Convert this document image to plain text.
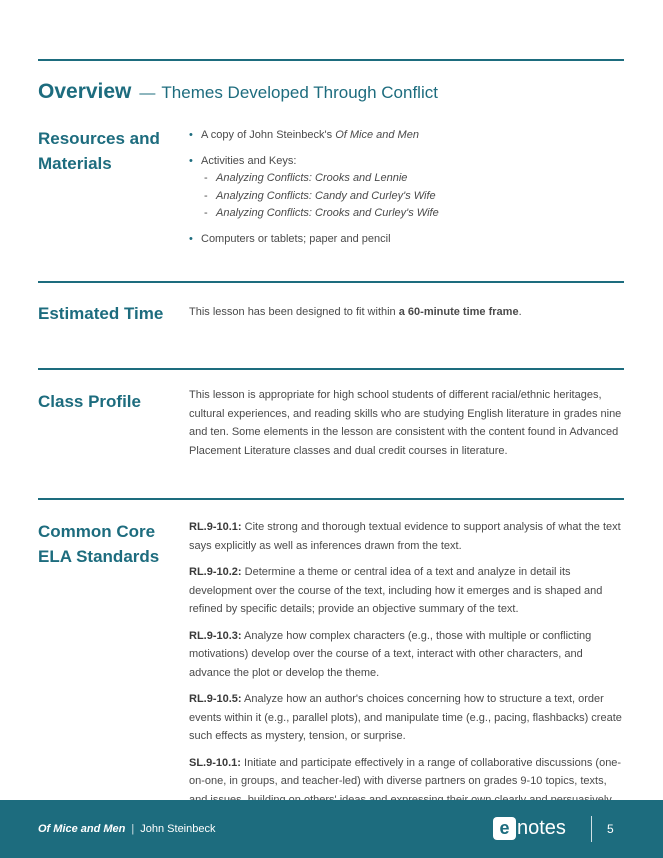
Overview — Themes Developed Through Conflict
Resources and Materials
• A copy of John Steinbeck's Of Mice and Men
• Activities and Keys:
- Analyzing Conflicts: Crooks and Lennie
- Analyzing Conflicts: Candy and Curley's Wife
- Analyzing Conflicts: Crooks and Curley's Wife
• Computers or tablets; paper and pencil
Estimated Time	This lesson has been designed to fit within a 60-minute time frame.
Class Profile	This lesson is appropriate for high school students of different racial/ethnic heritages, cultural experiences, and reading skills who are studying English literature in grades nine and ten. Some elements in the lesson are consistent with the content found in Advanced Placement Literature classes and dual credit courses in literature.
Common Core ELA Standards

RL.9-10.1: Cite strong and thorough textual evidence to support analysis of what the text says explicitly as well as inferences drawn from the text.

RL.9-10.2: Determine a theme or central idea of a text and analyze in detail its development over the course of the text, including how it emerges and is shaped and refined by specific details; provide an objective summary of the text.

RL.9-10.3: Analyze how complex characters (e.g., those with multiple or conflicting motivations) develop over the course of a text, interact with other characters, and advance the plot or develop the theme.

RL.9-10.5: Analyze how an author's choices concerning how to structure a text, order events within it (e.g., parallel plots), and manipulate time (e.g., pacing, flashbacks) create such effects as mystery, tension, or surprise.

SL.9-10.1: Initiate and participate effectively in a range of collaborative discussions (one-on-one, in groups, and teacher-led) with diverse partners on grades 9-10 topics, texts,

Of Mice and Men | John Steinbeck	e notes	5
